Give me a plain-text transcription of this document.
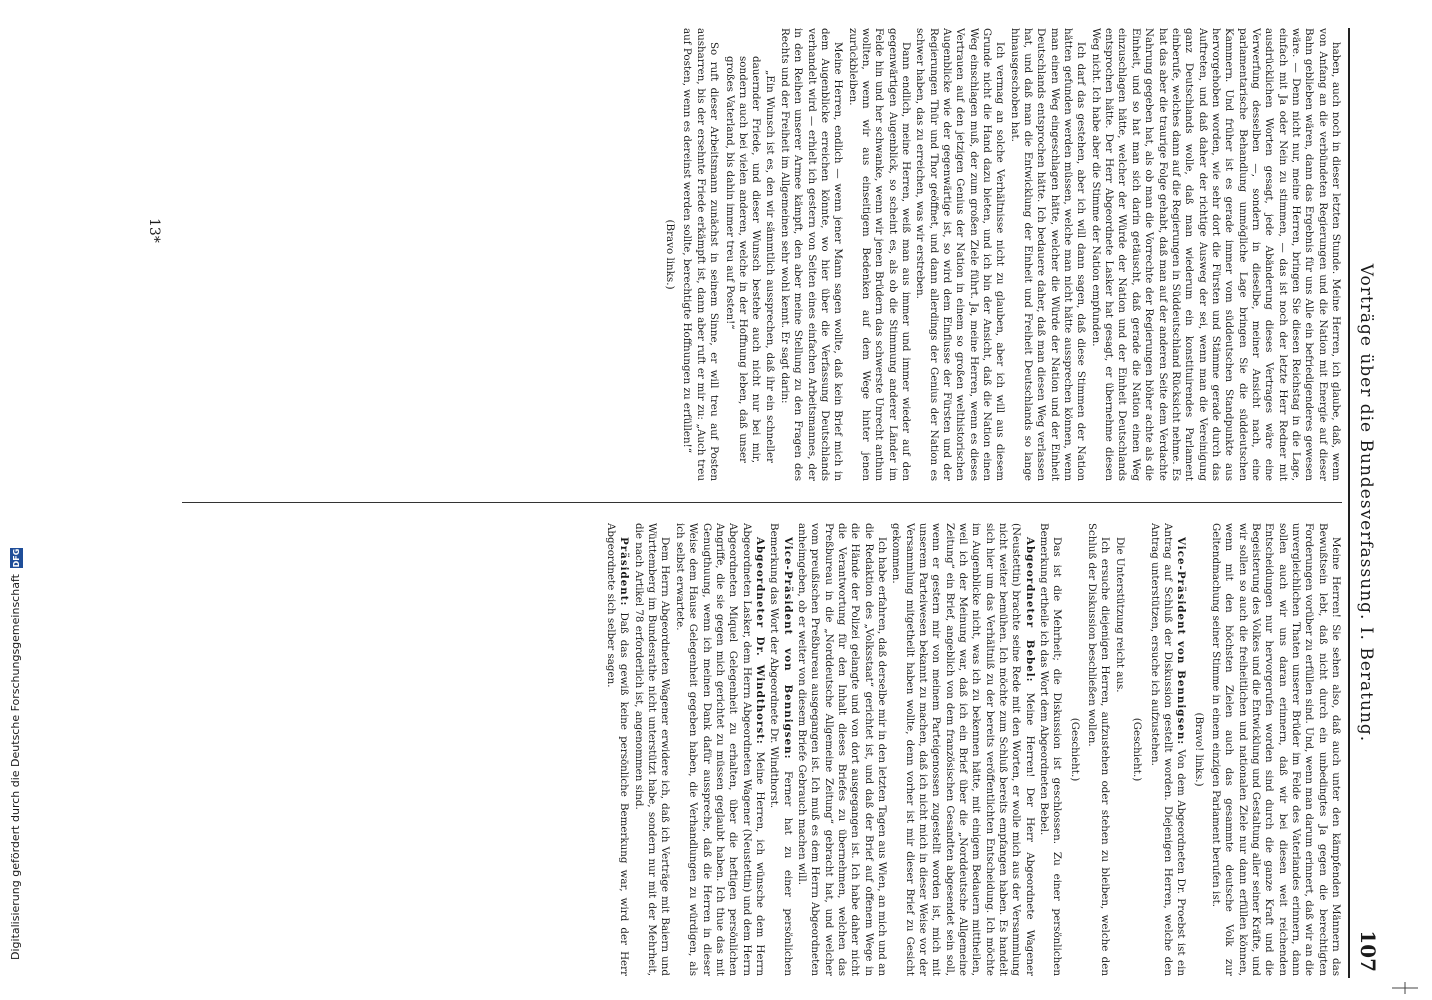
Vorträge über die Bundesverfassung. I. Beratung.
107

haben, auch noch in dieser letzten Stunde. Meine Herren, ich glaube, daß, wenn von Anfang an die verbündeten Regierungen und die Nation mit Energie auf dieser Bahn geblieben wären, dann das Ergebnis für uns Alle ein befriedigenderes gewesen wäre. — Denn nicht nur, meine Herren, bringen Sie diesen Reichstag in die Lage, einfach mit Ja oder Nein zu stimmen, — das ist noch der letzte Herr Redner mit ausdrücklichen Worten gesagt, jede Abänderung dieses Vertrages wäre eine Verwerfung desselben —, sondern in dieselbe, meiner Ansicht nach, eine parlamentarische Behandlung unmögliche Lage bringen Sie die süddeutschen Kammern. Und früher ist es gerade immer vom süddeutschen Standpunkte aus hervorgehoben worden, wie sehr dort die Fürsten und Stämme gerade durch das Auftreten, und daß daher der richtige Ausweg der sei, wenn man die Vereinigung ganz Deutschlands wolle, daß man wiederum ein konstituirendes Parlament einberufe, welches dann auf die Regierungen in Süddeutschland Rücksicht nehme. Es hat das aber die traurige Folge gehabt, daß man auf der anderen Seite dem Verdachte Nahrung gegeben hat, als ob man die Vorrechte der Regierungen höher achte als die Einheit, und so hat man sich darin getäuscht, daß gerade die Nation einen Weg einzuschlagen hätte, welcher der Würde der Nation und der Einheit Deutschlands entsprochen hätte. Der Herr Abgeordnete Lasker hat gesagt, er übernehme diesen Weg nicht. Ich habe aber die Stimme der Nation empfunden.

Ich darf das gestehen, aber ich will dann sagen, daß diese Stimmen der Nation hätten gefunden werden müssen, welche man nicht hätte aussprechen können, wenn man einen Weg eingeschlagen hätte, welcher die Würde der Nation und der Einheit Deutschlands entsprochen hätte. Ich bedauere daher, daß man diesen Weg verlassen hat, und daß man die Entwicklung der Einheit und Freiheit Deutschlands so lange hinausgeschoben hat.

Ich vermag an solche Verhältnisse nicht zu glauben, aber ich will aus diesem Grunde nicht die Hand dazu bieten, und ich bin der Ansicht, daß die Nation einen Weg einschlagen muß, der zum großen Ziele führt. Ja, meine Herren, wenn es dieses Vertrauen auf den jetzigen Genius der Nation in einem so großen welthistorischen Augenblicke wie der gegenwärtige ist, so wird dem Einflusse der Fürsten und der Regierungen Thür und Thor geöffnet, und dann allerdings der Genius der Nation es schwer haben, das zu erreichen, was wir erstreben.

Dann endlich, meine Herren, weiß man aus immer und immer wieder auf den gegenwärtigen Augenblick, so scheint es, als ob die Stimmung anderer Länder im Felde hin und her schwanke, wenn wir jenen Brüdern das schwerste Unrecht anthun wollten, wenn wir aus einseitigem Bedenken auf dem Wege hinter jenen zurückbleiben.

Meine Herren, endlich — wenn jener Mann sagen wollte, daß kein Brief mich in dem Augenblicke erreichen könnte, wo hier über die Verfassung Deutschlands verhandelt wird — erhielt ich gestern von Seiten eines einfachen Arbeitsmannes, der in den Reihen unserer Armee kämpft, den aber meine Stellung zu den Fragen des Rechts und der Freiheit im Allgemeinen sehr wohl kennt. Er sagt darin:

„Ein Wunsch ist es, den wir sämmtlich aussprechen, daß ihr ein schneller dauernder Friede, und dieser Wunsch bestehe auch nicht nur bei mir, sondern auch bei vielen anderen, welche in der Hoffnung leben, daß unser großes Vaterland, bis dahin immer treu auf Posten!“

So ruft dieser Arbeitsmann zunächst in seinem Sinne, er will treu auf Posten ausharren, bis der ersehnte Friede erkämpft ist, dann aber ruft er mir zu: „Auch treu auf Posten, wenn es dereinst werden sollte, berechtigte Hoffnungen zu erfüllen!“

(Bravo links.)

Meine Herren! Sie sehen also, daß auch unter den kämpfenden Männern das Bewußtsein lebt, daß nicht durch ein unbedingtes Ja gegen die berechtigten Forderungen vorüber zu erfüllen sind. Und, wenn man darum erinnert, daß wir an die unvergleichlichen Thaten unserer Brüder im Felde des Vaterlandes erinnern, dann sollen auch wir uns daran erinnern, daß wir bei diesen weit reichenden Entscheidungen nur hervorgerufen worden sind durch die ganze Kraft und die Begeisterung des Volkes und die Entwicklung und Gestaltung aller seiner Kräfte, und wir sollen so auch die freiheitlichen und nationalen Ziele nur dann erfüllen können, wenn mit den höchsten Zielen auch das gesammte deutsche Volk zur Geltendmachung seiner Stimme in einem einzigen Parlament berufen ist.

(Bravo! links.)

Vice-Präsident von Bennigsen: Von dem Abgeordneten Dr. Proebst ist ein Antrag auf Schluß der Diskussion gestellt worden. Diejenigen Herren, welche den Antrag unterstützen, ersuche ich aufzustehen.

(Geschieht.)

Die Unterstützung reicht aus.

Ich ersuche diejenigen Herren, aufzustehen oder stehen zu bleiben, welche den Schluß der Diskussion beschließen wollen.

(Geschieht.)

Das ist die Mehrheit; die Diskussion ist geschlossen. Zu einer persönlichen Bemerkung ertheile ich das Wort dem Abgeordneten Bebel.

Abgeordneter Bebel: Meine Herren! Der Herr Abgeordnete Wagener (Neustettin) brachte seine Rede mit den Worten, er wolle mich aus der Versammlung nicht weiter bemühen. Ich möchte zum Schluß bereits empfangen haben. Es handelt sich hier um das Verhältniß zu der bereits veröffentlichten Entscheidung. Ich möchte im Augenblicke nicht, was ich zu bekennen hätte, mit einigem Bedauern mittheilen, weil ich der Meinung war, daß ich ein Brief über die „Norddeutsche Allgemeine Zeitung“ ein Brief, angeblich von dem französischen Gesandten abgesendet sein soll, wenn er gestern mir von meinem Parteigenossen zugestellt worden ist, mich mit unserem Parteiwesen bekannt zu machen, daß ich nicht mich in dieser Weise vor der Versammlung mitgetheilt haben wollte, denn vorher ist mir dieser Brief zu Gesicht gekommen.

Ich habe erfahren, daß derselbe mir in den letzten Tagen aus Wien, an mich und an die Redaktion des „Volksstaat“ gerichtet ist, und daß der Brief auf offenem Wege in die Hände der Polizei gelangte und von dort ausgegangen ist. Ich habe daher nicht die Verantwortung für den Inhalt dieses Briefes zu übernehmen, welchen das Preßbureau in die „Norddeutsche Allgemeine Zeitung“ gebracht hat, und welcher vom preußischen Preßbureau ausgegangen ist. Ich muß es dem Herrn Abgeordneten anheimgeben, ob er weiter von diesem Briefe Gebrauch machen will.

Vice-Präsident von Bennigsen: Ferner hat zu einer persönlichen Bemerkung das Wort der Abgeordnete Dr. Windthorst.

Abgeordneter Dr. Windthorst: Meine Herren, ich wünsche dem Herrn Abgeordneten Lasker, dem Herrn Abgeordneten Wagener (Neustettin) und dem Herrn Abgeordneten Miquel Gelegenheit zu erhalten, über die heftigen persönlichen Angriffe, die sie gegen mich gerichtet zu müssen geglaubt haben. Ich thue das mit Genugthuung, wenn ich meinen Dank dafür ausspreche, daß die Herren in dieser Weise dem Hause Gelegenheit gegeben haben, die Verhandlungen zu würdigen, als ich selbst erwartete.

Dem Herrn Abgeordneten Wagener erwidere ich, daß ich Verträge mit Baiern und Württemberg im Bundesrathe nicht unterstützt habe, sondern nur mit der Mehrheit, die nach Artikel 78 erforderlich ist, angenommen sind.

Präsident: Daß das gewiß keine persönliche Bemerkung war, wird der Herr Abgeordnete sich selber sagen.

13*
Digitalisierung gefördert durch die Deutsche Forschungsgemeinschaft
DFG
